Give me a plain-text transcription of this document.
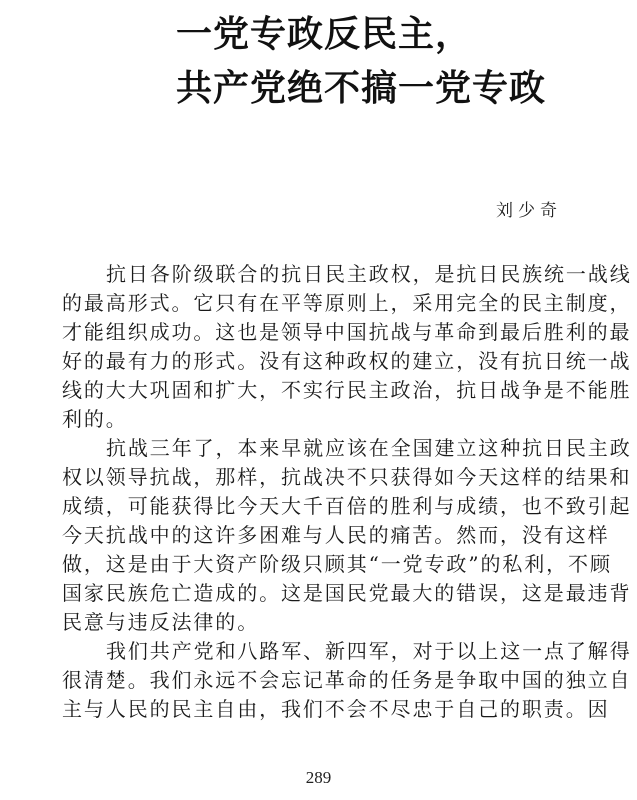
一党专政反民主，
共产党绝不搞一党专政
刘少奇
抗日各阶级联合的抗日民主政权，是抗日民族统一战线
的最高形式。它只有在平等原则上，采用完全的民主制度，
才能组织成功。这也是领导中国抗战与革命到最后胜利的最
好的最有力的形式。没有这种政权的建立，没有抗日统一战
线的大大巩固和扩大，不实行民主政治，抗日战争是不能胜
利的。
抗战三年了，本来早就应该在全国建立这种抗日民主政
权以领导抗战，那样，抗战决不只获得如今天这样的结果和
成绩，可能获得比今天大千百倍的胜利与成绩，也不致引起
今天抗战中的这许多困难与人民的痛苦。然而，没有这样
做，这是由于大资产阶级只顾其“一党专政”的私利，不顾
国家民族危亡造成的。这是国民党最大的错误，这是最违背
民意与违反法律的。
我们共产党和八路军、新四军，对于以上这一点了解得
很清楚。我们永远不会忘记革命的任务是争取中国的独立自
主与人民的民主自由，我们不会不尽忠于自己的职责。因
289
